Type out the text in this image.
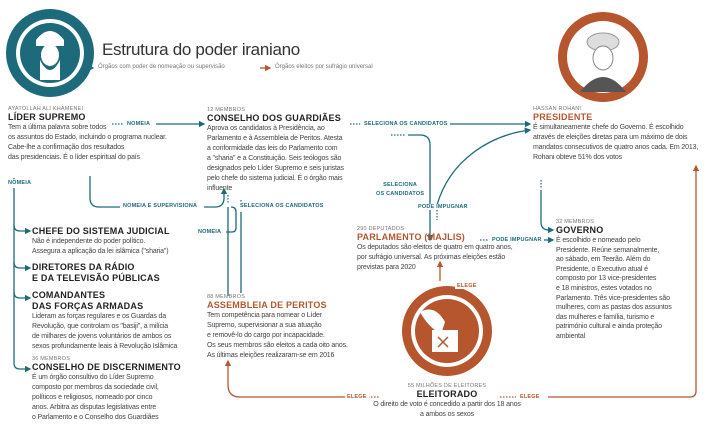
Estrutura do poder iraniano
Órgãos com poder de nomeação ou supervisão	Órgãos eleitos por sufrágio universal
AYATOLLAH ALI KHAMENEI
LÍDER SUPREMO
Tem a última palavra sobre todos
os assuntos do Estado, incluindo o programa nuclear.
Cabe-lhe a confirmação dos resultados
das presidenciais. É o líder espiritual do país
12 MEMBROS
CONSELHO DOS GUARDIÃES
Aprova os candidatos à Presidência, ao
Parlamento e à Assembleia de Peritos. Atesta
a conformidade das leis do Parlamento com
a "sharia" e a Constituição. Seis teólogos são
designados pelo Líder Supremo e seis juristas
pelo chefe do sistema judicial. É o órgão mais
influente
HASSAN ROHANI
PRESIDENTE
É simultaneamente chefe do Governo. É escolhido
através de eleições diretas para um máximo de dois
mandatos consecutivos de quatro anos cada. Em 2013,
Rohani obteve 51% dos votos
CHEFE DO SISTEMA JUDICIAL
Não é independente do poder político.
Assegura a aplicação da lei islâmica ("sharia")
DIRETORES DA RÁDIO
E DA TELEVISÃO PÚBLICAS
COMANDANTES
DAS FORÇAS ARMADAS
Lideram as forças regulares e os Guardas da
Revolução, que controlam os "basiji", a milícia
de milhares de jovens voluntários de ambos os
sexos profundamente leais à Revolução Islâmica
36 MEMBROS
CONSELHO DE DISCERNIMENTO
É um órgão consultivo do Líder Supremo
composto por membros da sociedade civil,
políticos e religiosos, nomeado por cinco
anos. Arbitra as disputas legislativas entre
o Parlamento e o Conselho dos Guardiães
88 MEMBROS
ASSEMBLEIA DE PERITOS
Tem competência para nomear o Líder
Supremo, supervisionar a sua atuação
e removê-lo do cargo por incapacidade.
Os seus membros são eleitos a cada oito anos.
As últimas eleições realizaram-se em 2016
290 DEPUTADOS
PARLAMENTO (MAJLIS)
Os deputados são eleitos de quatro em quatro anos,
por sufrágio universal. As próximas eleições estão
previstas para 2020
32 MEMBROS
GOVERNO
É escolhido e nomeado pelo
Presidente. Reúne semanalmente,
ao sábado, em Teerão. Além do
Presidente, o Executivo atual é
composto por 13 vice-presidentes
e 18 ministros, estes votados no
Parlamento. Três vice-presidentes são
mulheres, com as pastas dos assuntos
das mulheres e família, turismo e
património cultural e ainda proteção
ambiental
55 MILHÕES DE ELEITORES
ELEITORADO
O direito de voto é concedido a partir dos 18 anos
a ambos os sexos
NOMEIA
NOMEIA
NOMEIA
NOMEIA E SUPERVISIONA	SELECIONA OS CANDIDATOS
SELECIONA OS CANDIDATOS
SELECIONA
OS CANDIDATOS
PODE IMPUGNAR
PODE IMPUGNAR
ELEGE
ELEGE	ELEGE
